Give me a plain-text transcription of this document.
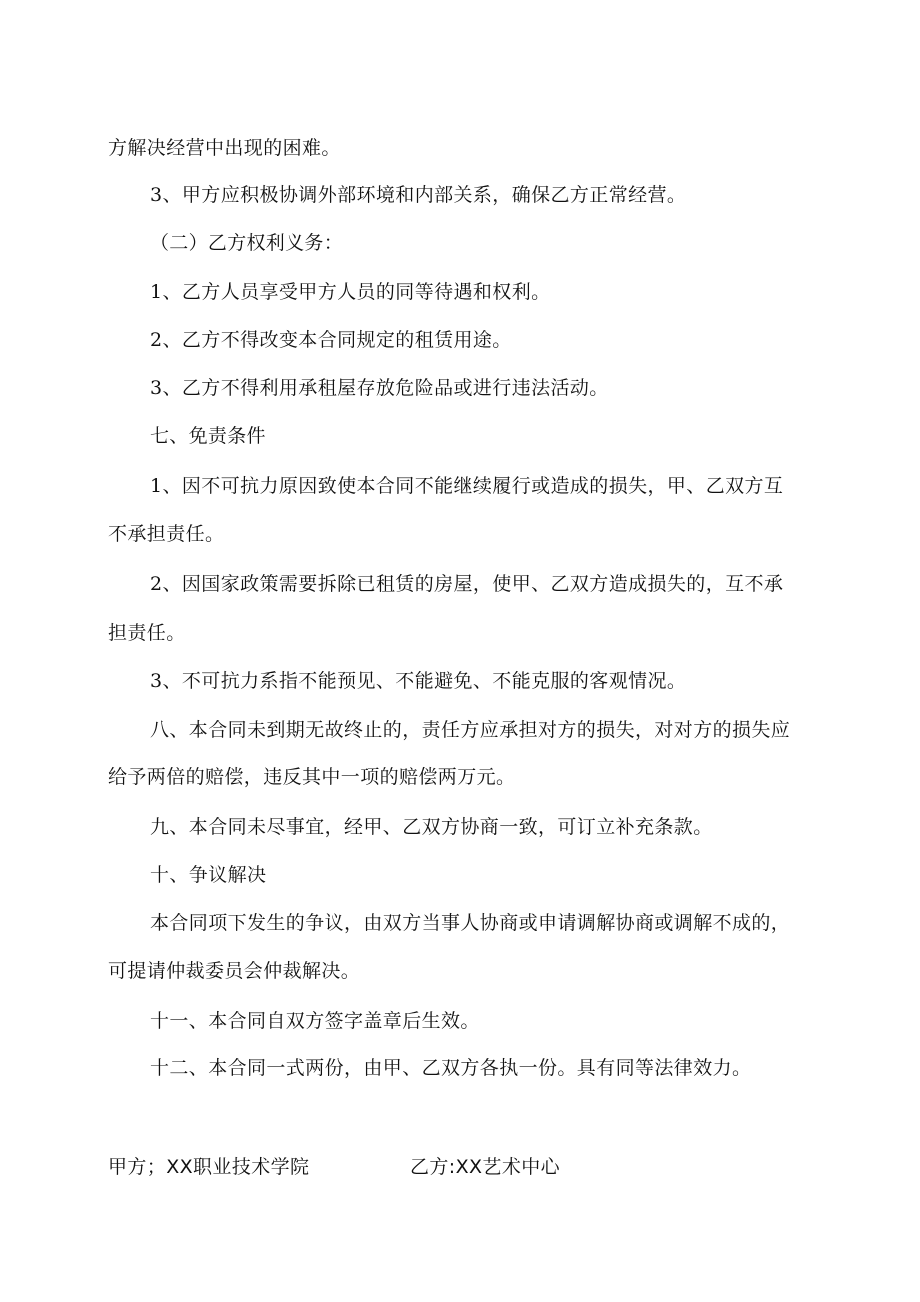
方解决经营中出现的困难。
3、甲方应积极协调外部环境和内部关系，确保乙方正常经营。
（二）乙方权利义务：
1、乙方人员享受甲方人员的同等待遇和权利。
2、乙方不得改变本合同规定的租赁用途。
3、乙方不得利用承租屋存放危险品或进行违法活动。
七、免责条件
1、因不可抗力原因致使本合同不能继续履行或造成的损失，甲、乙双方互
不承担责任。
2、因国家政策需要拆除已租赁的房屋，使甲、乙双方造成损失的，互不承
担责任。
3、不可抗力系指不能预见、不能避免、不能克服的客观情况。
八、本合同未到期无故终止的，责任方应承担对方的损失，对对方的损失应
给予两倍的赔偿，违反其中一项的赔偿两万元。
九、本合同未尽事宜，经甲、乙双方协商一致，可订立补充条款。
十、争议解决
本合同项下发生的争议，由双方当事人协商或申请调解协商或调解不成的，
可提请仲裁委员会仲裁解决。
十一、本合同自双方签字盖章后生效。
十二、本合同一式两份，由甲、乙双方各执一份。具有同等法律效力。
甲方；XX职业技术学院	乙方:XX艺术中心
